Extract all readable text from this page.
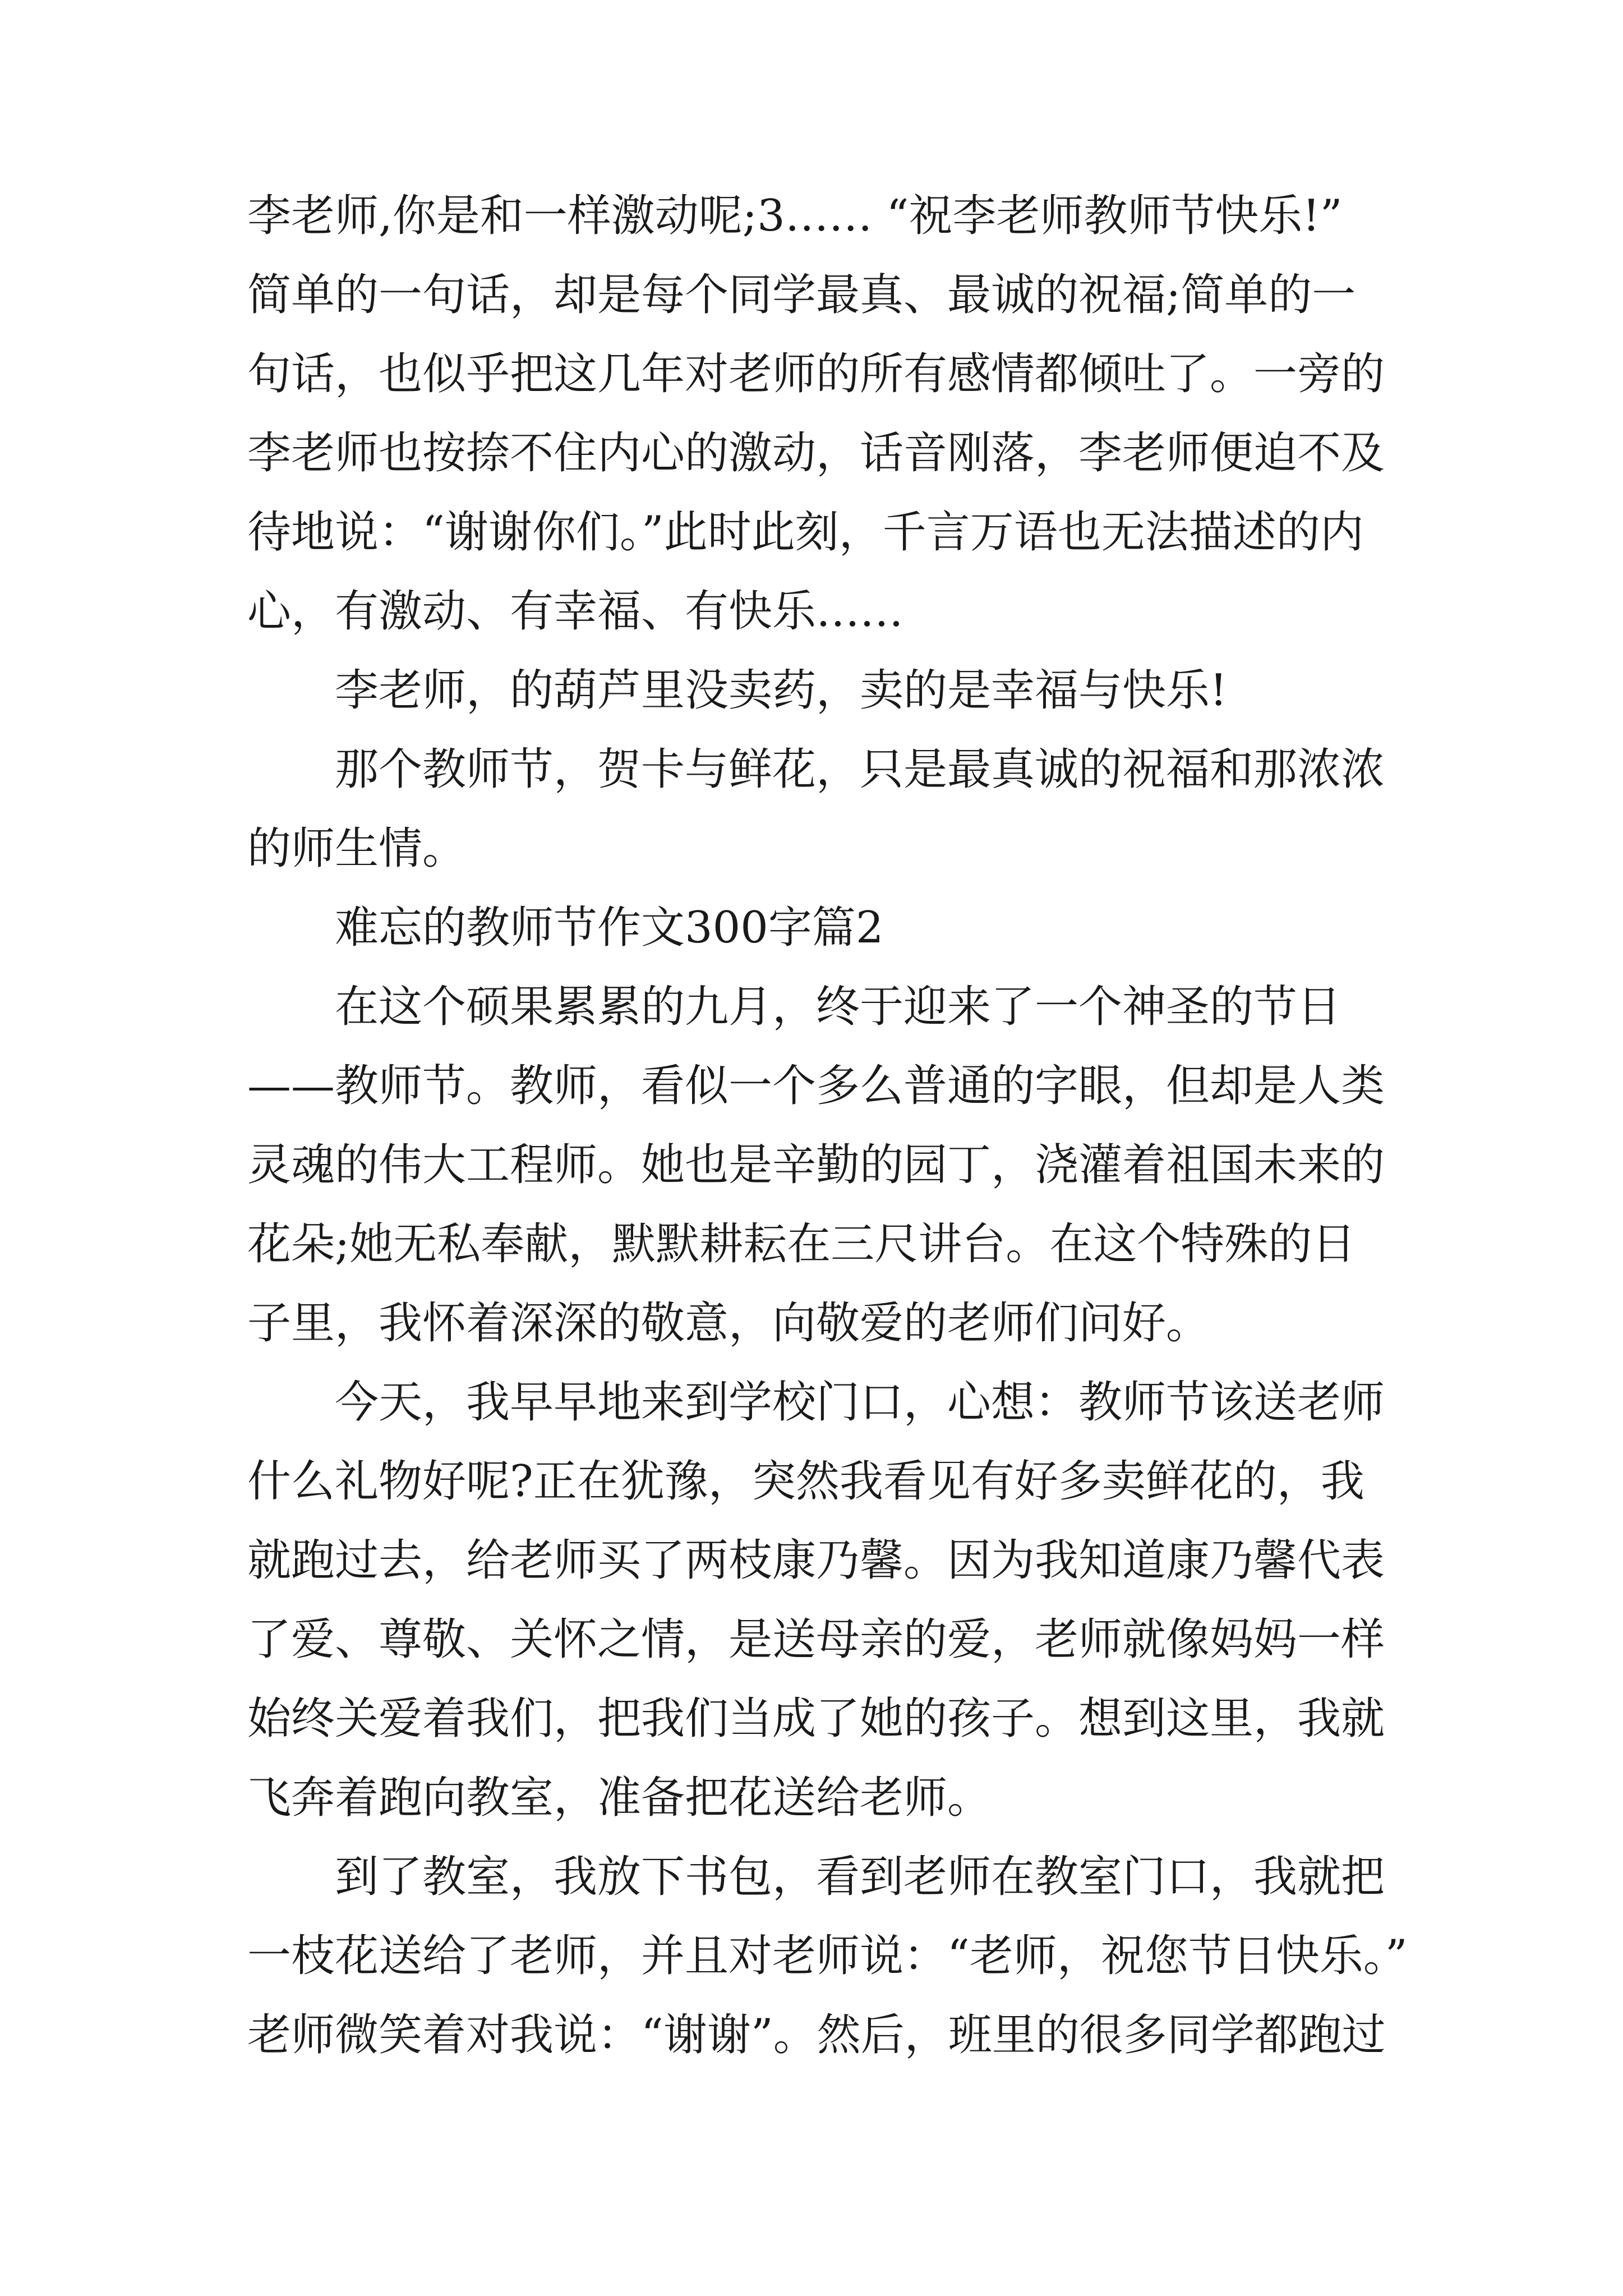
李老师,你是和一样激动呢;3…… “祝李老师教师节快乐!”
简单的一句话，却是每个同学最真、最诚的祝福;简单的一
句话，也似乎把这几年对老师的所有感情都倾吐了。一旁的
李老师也按捺不住内心的激动，话音刚落，李老师便迫不及
待地说：“谢谢你们。”此时此刻，千言万语也无法描述的内
心，有激动、有幸福、有快乐……
李老师，的葫芦里没卖药，卖的是幸福与快乐!
那个教师节，贺卡与鲜花，只是最真诚的祝福和那浓浓
的师生情。
难忘的教师节作文300字篇2
在这个硕果累累的九月，终于迎来了一个神圣的节日
——教师节。教师，看似一个多么普通的字眼，但却是人类
灵魂的伟大工程师。她也是辛勤的园丁，浇灌着祖国未来的
花朵;她无私奉献，默默耕耘在三尺讲台。在这个特殊的日
子里，我怀着深深的敬意，向敬爱的老师们问好。
今天，我早早地来到学校门口，心想：教师节该送老师
什么礼物好呢?正在犹豫，突然我看见有好多卖鲜花的，我
就跑过去，给老师买了两枝康乃馨。因为我知道康乃馨代表
了爱、尊敬、关怀之情，是送母亲的爱，老师就像妈妈一样
始终关爱着我们，把我们当成了她的孩子。想到这里，我就
飞奔着跑向教室，准备把花送给老师。
到了教室，我放下书包，看到老师在教室门口，我就把
一枝花送给了老师，并且对老师说：“老师，祝您节日快乐。”
老师微笑着对我说：“谢谢”。然后，班里的很多同学都跑过
